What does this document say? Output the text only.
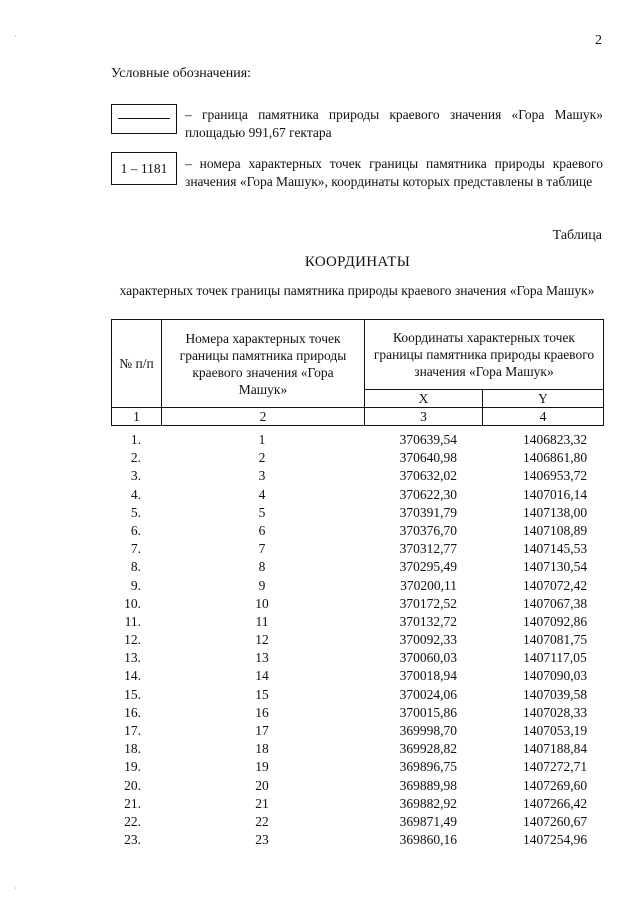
·
·
2
Условные обозначения:
– граница памятника природы краевого значения «Гора Машук» площадью 991,67 гектара
1 – 1181	– номера характерных точек границы памятника природы краевого значения «Гора Машук», координаты которых представлены в таблице
Таблица
КООРДИНАТЫ
характерных точек границы памятника природы краевого значения «Гора Машук»
№ п/п	Номера характерных точек границы памятника природы краевого значения «Гора Машук»	Координаты характерных точек границы памятника природы краевого значения «Гора Машук»	

		X	Y
1	2	3	4
1.	1	370639,54	1406823,32
2.	2	370640,98	1406861,80
3.	3	370632,02	1406953,72
4.	4	370622,30	1407016,14
5.	5	370391,79	1407138,00
6.	6	370376,70	1407108,89
7.	7	370312,77	1407145,53
8.	8	370295,49	1407130,54
9.	9	370200,11	1407072,42
10.	10	370172,52	1407067,38
11.	11	370132,72	1407092,86
12.	12	370092,33	1407081,75
13.	13	370060,03	1407117,05
14.	14	370018,94	1407090,03
15.	15	370024,06	1407039,58
16.	16	370015,86	1407028,33
17.	17	369998,70	1407053,19
18.	18	369928,82	1407188,84
19.	19	369896,75	1407272,71
20.	20	369889,98	1407269,60
21.	21	369882,92	1407266,42
22.	22	369871,49	1407260,67
23.	23	369860,16	1407254,96
